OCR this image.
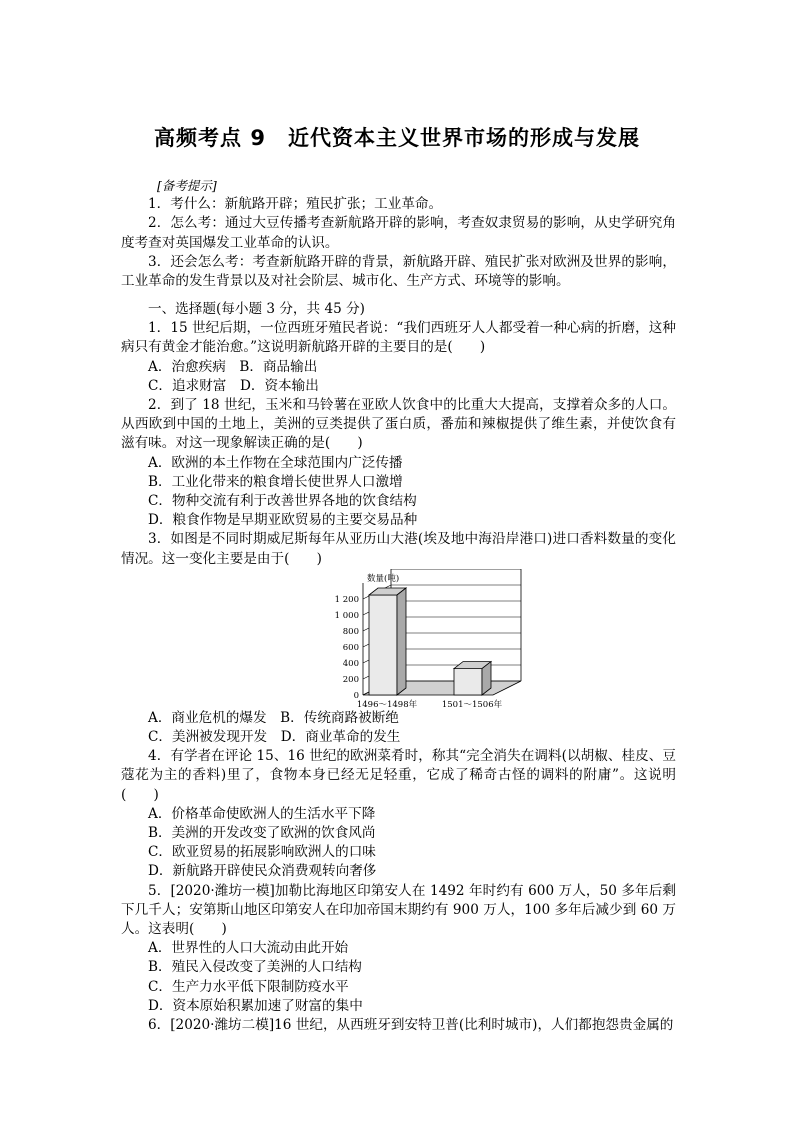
高频考点 9　近代资本主义世界市场的形成与发展

[备考提示]

1．考什么：新航路开辟；殖民扩张；工业革命。

2．怎么考：通过大豆传播考查新航路开辟的影响，考查奴隶贸易的影响，从史学研究角度考查对英国爆发工业革命的认识。

3．还会怎么考：考查新航路开辟的背景，新航路开辟、殖民扩张对欧洲及世界的影响，工业革命的发生背景以及对社会阶层、城市化、生产方式、环境等的影响。

一、选择题(每小题 3 分，共 45 分)

1．15 世纪后期，一位西班牙殖民者说：“我们西班牙人人都受着一种心病的折磨，这种病只有黄金才能治愈。”这说明新航路开辟的主要目的是(　　)

A．治愈疾病　B．商品输出

C．追求财富　D．资本输出

2．到了 18 世纪，玉米和马铃薯在亚欧人饮食中的比重大大提高，支撑着众多的人口。从西欧到中国的土地上，美洲的豆类提供了蛋白质，番茄和辣椒提供了维生素，并使饮食有滋有味。对这一现象解读正确的是(　　)

A．欧洲的本土作物在全球范围内广泛传播

B．工业化带来的粮食增长使世界人口激增

C．物种交流有利于改善世界各地的饮食结构

D．粮食作物是早期亚欧贸易的主要交易品种

3．如图是不同时期威尼斯每年从亚历山大港(埃及地中海沿岸港口)进口香料数量的变化情况。这一变化主要是由于(　　)

数量(吨)
0
200
400
600
800
1 000
1 200
1496～1498年	1501～1506年

A．商业危机的爆发　B．传统商路被断绝

C．美洲被发现开发　D．商业革命的发生

4．有学者在评论 15、16 世纪的欧洲菜肴时，称其“完全消失在调料(以胡椒、桂皮、豆蔻花为主的香料)里了，食物本身已经无足轻重，它成了稀奇古怪的调料的附庸”。这说明(　　)

A．价格革命使欧洲人的生活水平下降

B．美洲的开发改变了欧洲的饮食风尚

C．欧亚贸易的拓展影响欧洲人的口味

D．新航路开辟使民众消费观转向奢侈

5．[2020·潍坊一模]加勒比海地区印第安人在 1492 年时约有 600 万人，50 多年后剩下几千人；安第斯山地区印第安人在印加帝国末期约有 900 万人，100 多年后减少到 60 万人。这表明(　　)

A．世界性的人口大流动由此开始

B．殖民入侵改变了美洲的人口结构

C．生产力水平低下限制防疫水平

D．资本原始积累加速了财富的集中

6．[2020·潍坊二模]16 世纪，从西班牙到安特卫普(比利时城市)，人们都抱怨贵金属的
